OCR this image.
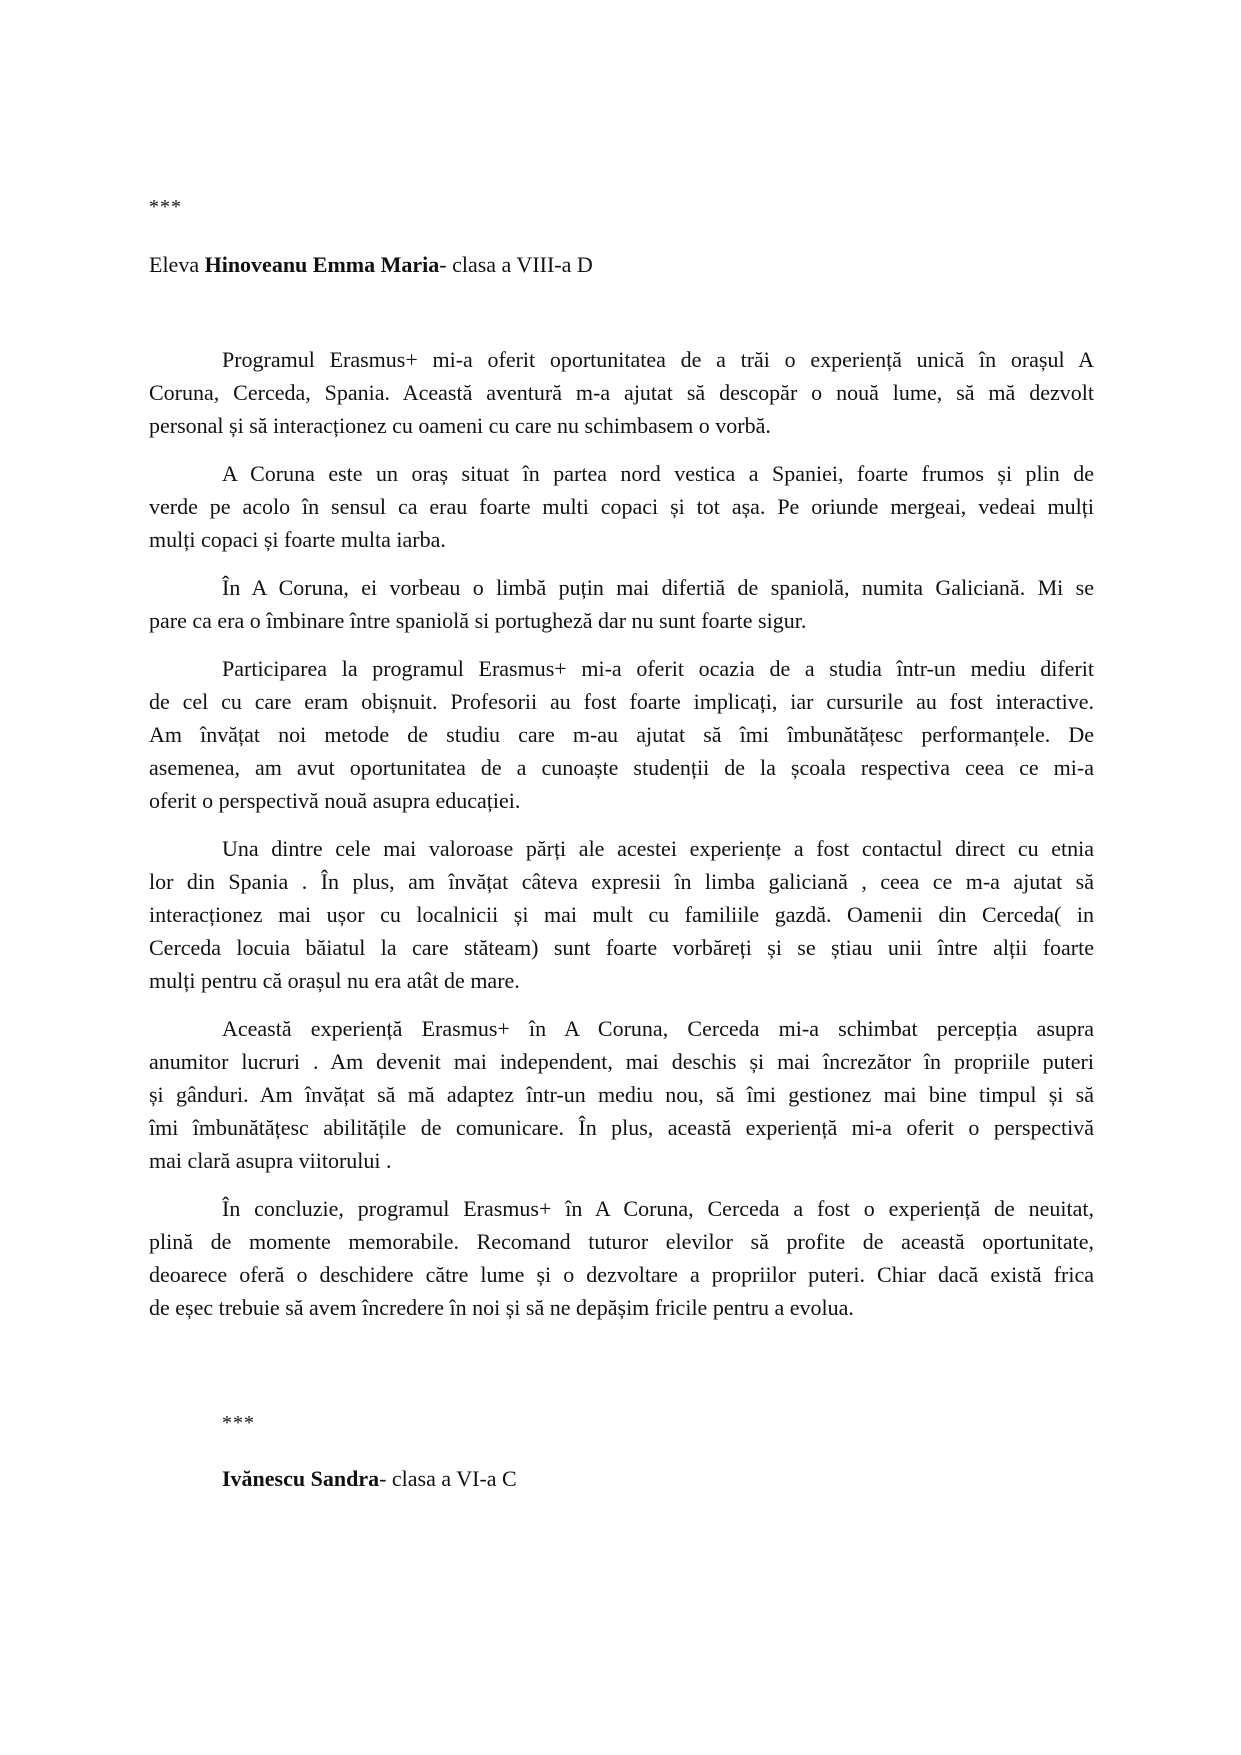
***
Eleva Hinoveanu Emma Maria- clasa a VIII-a D
Programul Erasmus+ mi-a oferit oportunitatea de a trăi o experiență unică în orașul A
Coruna, Cerceda, Spania. Această aventură m-a ajutat să descopăr o nouă lume, să mă dezvolt
personal și să interacționez cu oameni cu care nu schimbasem o vorbă.
A Coruna este un oraș situat în partea nord vestica a Spaniei, foarte frumos și plin de
verde pe acolo în sensul ca erau foarte multi copaci și tot așa. Pe oriunde mergeai, vedeai mulți
mulți copaci și foarte multa iarba.
În A Coruna, ei vorbeau o limbă puțin mai difertiă de spaniolă, numita Galiciană. Mi se
pare ca era o îmbinare între spaniolă si portugheză dar nu sunt foarte sigur.
Participarea la programul Erasmus+ mi-a oferit ocazia de a studia într-un mediu diferit
de cel cu care eram obișnuit. Profesorii au fost foarte implicați, iar cursurile au fost interactive.
Am învățat noi metode de studiu care m-au ajutat să îmi îmbunătățesc performanțele. De
asemenea, am avut oportunitatea de a cunoaște studenții de la școala respectiva ceea ce mi-a
oferit o perspectivă nouă asupra educației.
Una dintre cele mai valoroase părți ale acestei experiențe a fost contactul direct cu etnia
lor din Spania . În plus, am învățat câteva expresii în limba galiciană , ceea ce m-a ajutat să
interacționez mai ușor cu localnicii și mai mult cu familiile gazdă. Oamenii din Cerceda( in
Cerceda locuia băiatul la care stăteam) sunt foarte vorbăreți și se știau unii între alții foarte
mulți pentru că orașul nu era atât de mare.
Această experiență Erasmus+ în A Coruna, Cerceda mi-a schimbat percepția asupra
anumitor lucruri . Am devenit mai independent, mai deschis și mai încrezător în propriile puteri
și gânduri. Am învățat să mă adaptez într-un mediu nou, să îmi gestionez mai bine timpul și să
îmi îmbunătățesc abilitățile de comunicare. În plus, această experiență mi-a oferit o perspectivă
mai clară asupra viitorului .
În concluzie, programul Erasmus+ în A Coruna, Cerceda a fost o experiență de neuitat,
plină de momente memorabile. Recomand tuturor elevilor să profite de această oportunitate,
deoarece oferă o deschidere către lume și o dezvoltare a propriilor puteri. Chiar dacă există frica
de eșec trebuie să avem încredere în noi și să ne depășim fricile pentru a evolua.
***
Ivănescu Sandra- clasa a VI-a C
